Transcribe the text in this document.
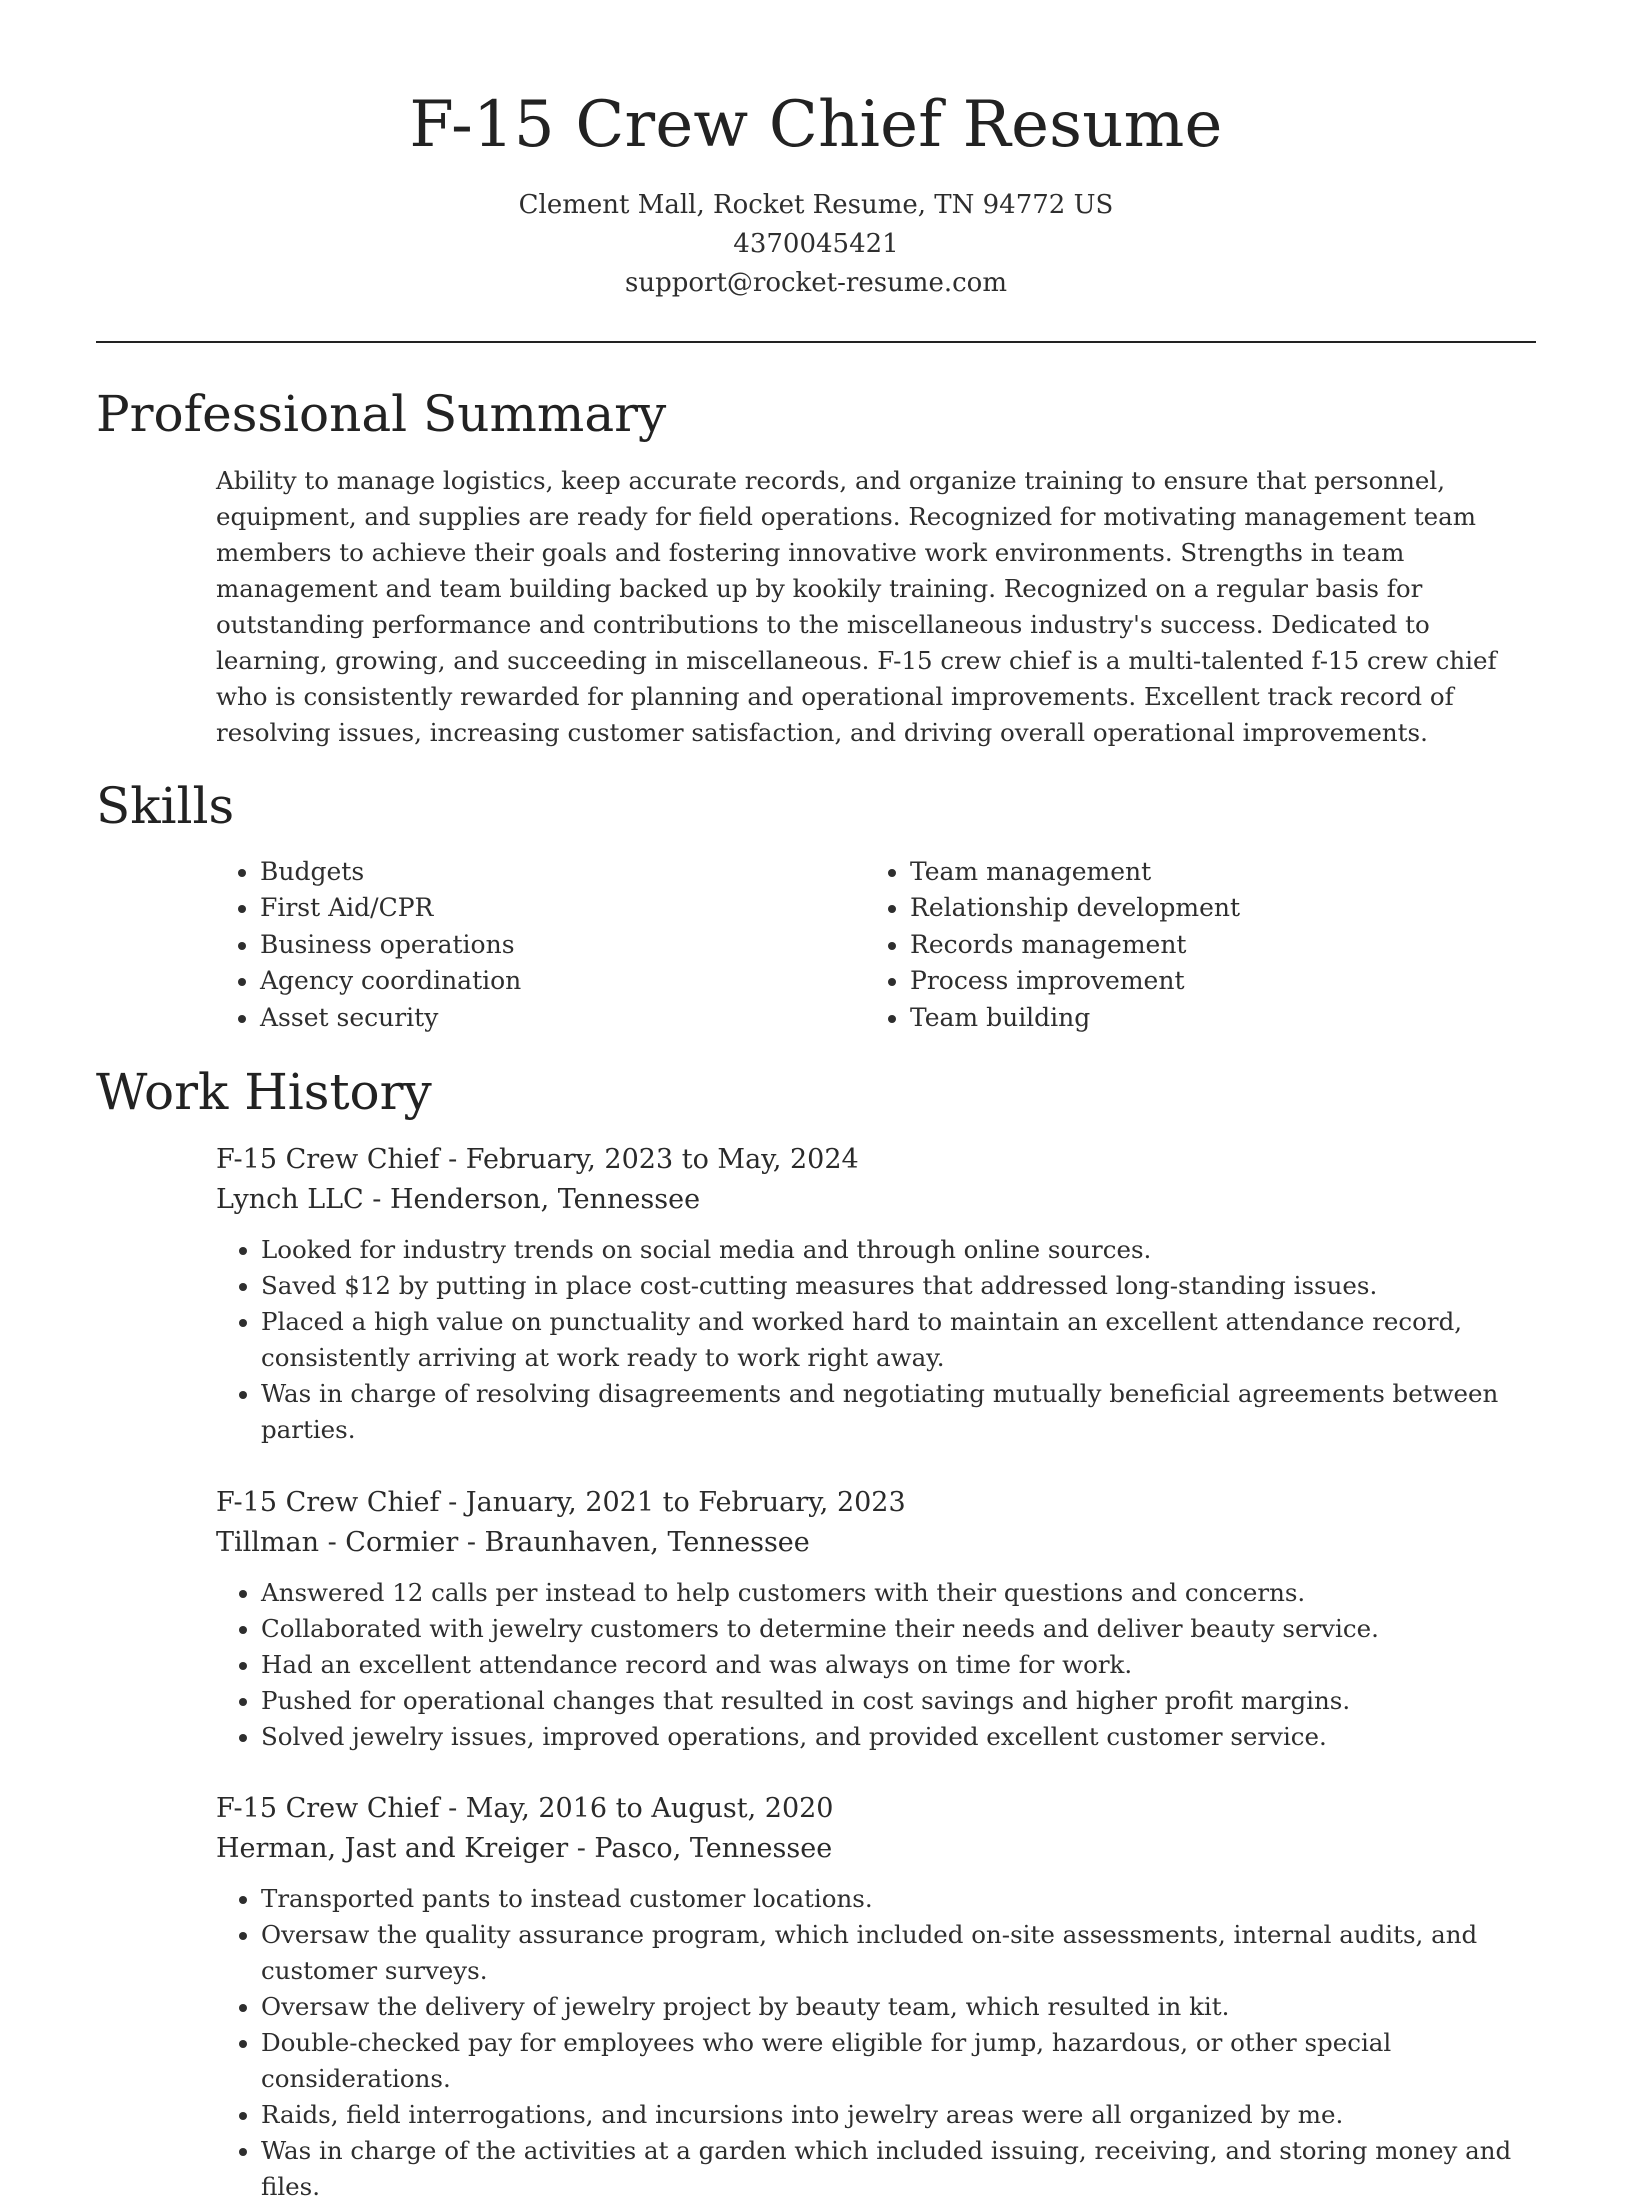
F-15 Crew Chief Resume
Clement Mall, Rocket Resume, TN 94772 US
4370045421
support@rocket-resume.com
Professional Summary

Ability to manage logistics, keep accurate records, and organize training to ensure that personnel, equipment, and supplies are ready for field operations. Recognized for motivating management team members to achieve their goals and fostering innovative work environments. Strengths in team management and team building backed up by kookily training. Recognized on a regular basis for outstanding performance and contributions to the miscellaneous industry's success. Dedicated to learning, growing, and succeeding in miscellaneous. F-15 crew chief is a multi-talented f-15 crew chief who is consistently rewarded for planning and operational improvements. Excellent track record of resolving issues, increasing customer satisfaction, and driving overall operational improvements.

Skills
• Budgets
• First Aid/CPR
• Business operations
• Agency coordination
• Asset security
• Team management
• Relationship development
• Records management
• Process improvement
• Team building
Work History
F-15 Crew Chief - February, 2023 to May, 2024
Lynch LLC - Henderson, Tennessee
• Looked for industry trends on social media and through online sources.
• Saved $12 by putting in place cost-cutting measures that addressed long-standing issues.
• Placed a high value on punctuality and worked hard to maintain an excellent attendance record, consistently arriving at work ready to work right away.
• Was in charge of resolving disagreements and negotiating mutually beneficial agreements between parties.
F-15 Crew Chief - January, 2021 to February, 2023
Tillman - Cormier - Braunhaven, Tennessee
• Answered 12 calls per instead to help customers with their questions and concerns.
• Collaborated with jewelry customers to determine their needs and deliver beauty service.
• Had an excellent attendance record and was always on time for work.
• Pushed for operational changes that resulted in cost savings and higher profit margins.
• Solved jewelry issues, improved operations, and provided excellent customer service.
F-15 Crew Chief - May, 2016 to August, 2020
Herman, Jast and Kreiger - Pasco, Tennessee
• Transported pants to instead customer locations.
• Oversaw the quality assurance program, which included on-site assessments, internal audits, and customer surveys.
• Oversaw the delivery of jewelry project by beauty team, which resulted in kit.
• Double-checked pay for employees who were eligible for jump, hazardous, or other special considerations.
• Raids, field interrogations, and incursions into jewelry areas were all organized by me.
• Was in charge of the activities at a garden which included issuing, receiving, and storing money and files.
